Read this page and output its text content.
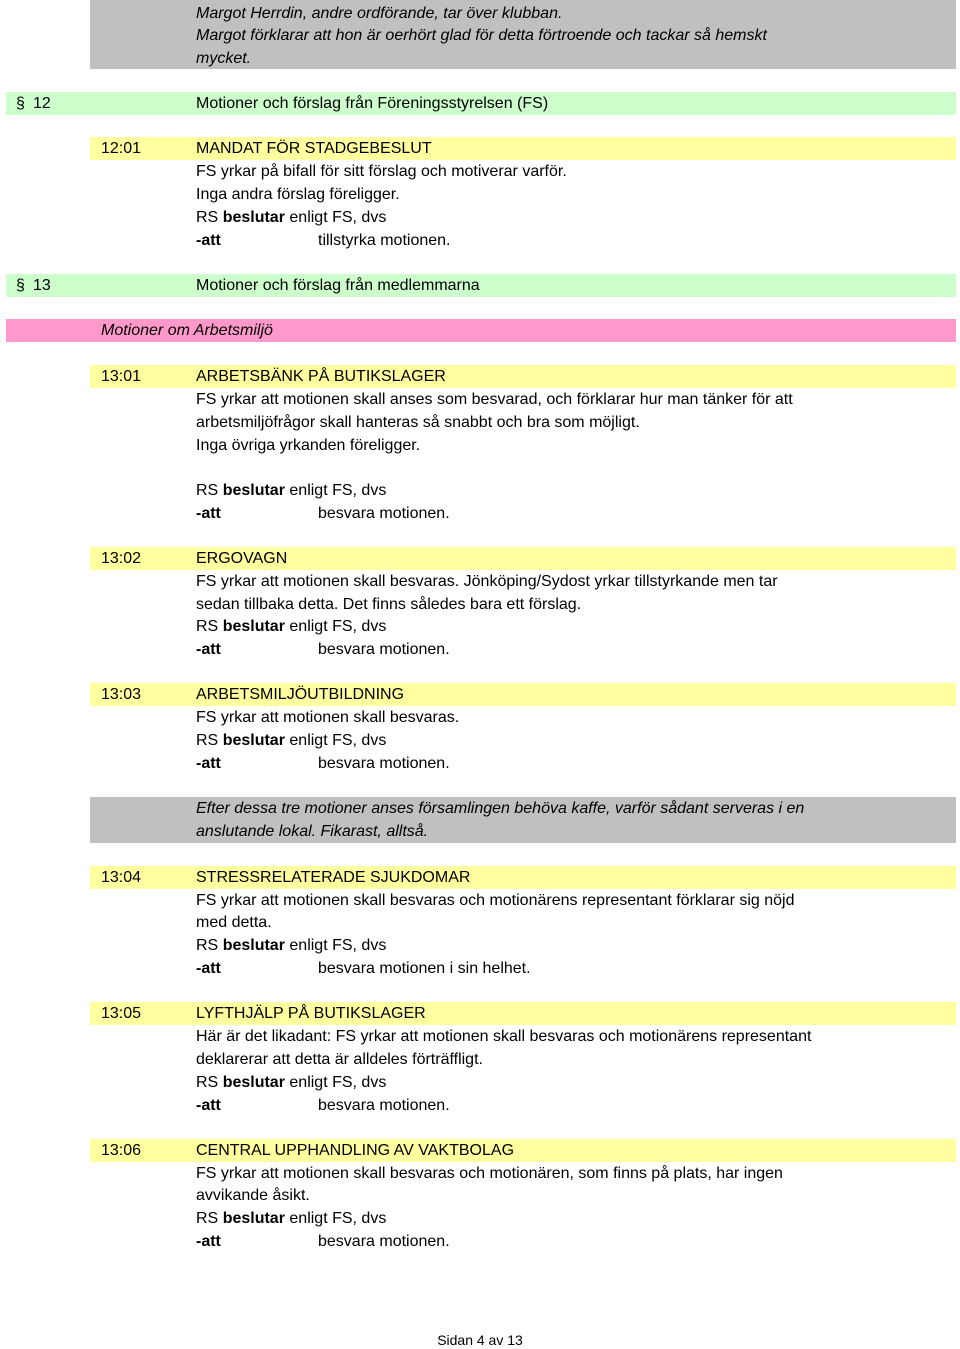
Margot Herrdin, andre ordförande, tar över klubban.
Margot förklarar att hon är oerhört glad för detta förtroende och tackar så hemskt
mycket.
§ 12	Motioner och förslag från Föreningsstyrelsen (FS)
12:01	MANDAT FÖR STADGEBESLUT
FS yrkar på bifall för sitt förslag och motiverar varför.
Inga andra förslag föreligger.
RS beslutar enligt FS, dvs
-att	tillstyrka motionen.
§ 13	Motioner och förslag från medlemmarna
Motioner om Arbetsmiljö
13:01	ARBETSBÄNK PÅ BUTIKSLAGER
FS yrkar att motionen skall anses som besvarad, och förklarar hur man tänker för att
arbetsmiljöfrågor skall hanteras så snabbt och bra som möjligt.
Inga övriga yrkanden föreligger.
RS beslutar enligt FS, dvs
-att	besvara motionen.
13:02	ERGOVAGN
FS yrkar att motionen skall besvaras. Jönköping/Sydost yrkar tillstyrkande men tar
sedan tillbaka detta. Det finns således bara ett förslag.
RS beslutar enligt FS, dvs
-att	besvara motionen.
13:03	ARBETSMILJÖUTBILDNING
FS yrkar att motionen skall besvaras.
RS beslutar enligt FS, dvs
-att	besvara motionen.
Efter dessa tre motioner anses församlingen behöva kaffe, varför sådant serveras i en
anslutande lokal. Fikarast, alltså.
13:04	STRESSRELATERADE SJUKDOMAR
FS yrkar att motionen skall besvaras och motionärens representant förklarar sig nöjd
med detta.
RS beslutar enligt FS, dvs
-att	besvara motionen i sin helhet.
13:05	LYFTHJÄLP PÅ BUTIKSLAGER
Här är det likadant: FS yrkar att motionen skall besvaras och motionärens representant
deklarerar att detta är alldeles förträffligt.
RS beslutar enligt FS, dvs
-att	besvara motionen.
13:06	CENTRAL UPPHANDLING AV VAKTBOLAG
FS yrkar att motionen skall besvaras och motionären, som finns på plats, har ingen
avvikande åsikt.
RS beslutar enligt FS, dvs
-att	besvara motionen.
Sidan 4 av 13
